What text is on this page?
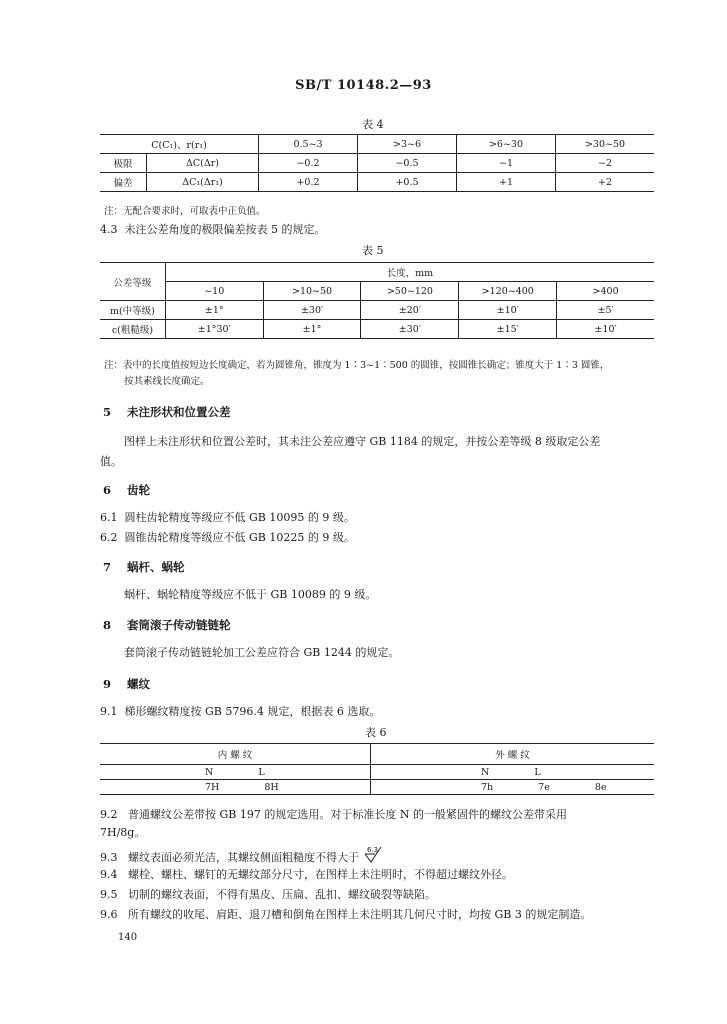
SB/T 10148.2—93
表 4
C(C₁)、r(r₁)		0.5~3	>3~6	>6~30	>30~50
极限	ΔC(Δr)	−0.2	−0.5	−1	−2
偏差	ΔC₁(Δr₁)	+0.2	+0.5	+1	+2
注：无配合要求时，可取表中正负值。
4.3 未注公差角度的极限偏差按表 5 的规定。
表 5
公差等级	长度，mm				
	~10	>10~50	>50~120	>120~400	>400
m(中等级)	±1°	±30′	±20′	±10′	±5′
c(粗糙级)	±1°30′	±1°	±30′	±15′	±10′
注：表中的长度值按短边长度确定，若为圆锥角，锥度为 1∶3~1∶500 的圆锥，按圆锥长确定；锥度大于 1∶3 圆锥，
按其素线长度确定。
5 未注形状和位置公差
图样上未注形状和位置公差时，其未注公差应遵守 GB 1184 的规定，并按公差等级 8 级取定公差
值。
6 齿轮
6.1 圆柱齿轮精度等级应不低 GB 10095 的 9 级。
6.2 圆锥齿轮精度等级应不低 GB 10225 的 9 级。
7 蜗杆、蜗轮
蜗杆、蜗轮精度等级应不低于 GB 10089 的 9 级。
8 套筒滚子传动链链轮
套筒滚子传动链链轮加工公差应符合 GB 1244 的规定。
9 螺纹
9.1 梯形螺纹精度按 GB 5796.4 规定，根据表 6 选取。
表 6
内 螺 纹	外 螺 纹
N L	N L
7H 8H	7h 7e 8e
9.2 普通螺纹公差带按 GB 197 的规定选用。对于标准长度 N 的一般紧固件的螺纹公差带采用
7H/8g。
9.3 螺纹表面必须光洁，其螺纹侧面粗糙度不得大于
6.3
9.4 螺栓、螺柱、螺钉的无螺纹部分尺寸，在图样上未注明时，不得超过螺纹外径。
9.5 切制的螺纹表面，不得有黑皮、压扁、乱扣、螺纹破裂等缺陷。
9.6 所有螺纹的收尾、肩距、退刀槽和倒角在图样上未注明其几何尺寸时，均按 GB 3 的规定制造。
140
